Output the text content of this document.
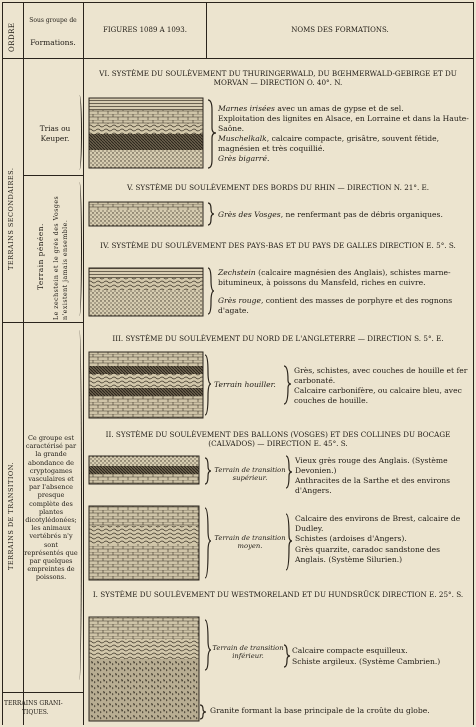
ORDRE
Sous groupe de
Formations.
FIGURES 1089 A 1093.	NOMS DES FORMATIONS.
TERRAINS SECONDAIRES.
TERRAINS DE TRANSITION.
TERRAINS GRANI-
TIQUES.
Trias ou Keuper.
Terrain pénéen. Le zechstein et le grès des Vosges n'existent jamais ensemble.
Ce groupe est caractérisé par la grande abondance de cryptogames vasculaires et par l'absence presque complète des plantes dicotylédonées; les animaux vertébrés n'y sont représentés que par quelques empreintes de poissons.
VI. SYSTÈME DU SOULÈVEMENT DU THURINGERWALD, DU BŒHMERWALD-GEBIRGE ET DU MORVAN — DIRECTION O. 40°. N.
Marnes irisées avec un amas de gypse et de sel.
Exploitation des lignites en Alsace, en Lorraine et dans la Haute-Saône.
Muschelkalk, calcaire compacte, grisâtre, souvent fétide, magnésien et très coquillié.
Grès bigarré.
V. SYSTÈME DU SOULÈVEMENT DES BORDS DU RHIN — DIRECTION N. 21°. E.
Grès des Vosges, ne renfermant pas de débris organiques.
IV. SYSTÈME DU SOULÈVEMENT DES PAYS-BAS ET DU PAYS DE GALLES DIRECTION E. 5°. S.
Zechstein (calcaire magnésien des Anglais), schistes marne-bitumineux, à poissons du Mansfeld, riches en cuivre.
Grès rouge, contient des masses de porphyre et des rognons d'agate.
III. SYSTÈME DU SOULÈVEMENT DU NORD DE L'ANGLETERRE — DIRECTION S. 5°. E.
Terrain houiller.
Grès, schistes, avec couches de houille et fer carbonaté.
Calcaire carbonifère, ou calcaire bleu, avec couches de houille.
II. SYSTÈME DU SOULÈVEMENT DES BALLONS (VOSGES) ET DES COLLINES DU BOCAGE (CALVADOS) — DIRECTION E. 45°. S.
Terrain de transition supérieur.
Vieux grès rouge des Anglais. (Système Devonien.)
Anthracites de la Sarthe et des environs d'Angers.
Terrain de transition moyen.
Calcaire des environs de Brest, calcaire de Dudley.
Schistes (ardoises d'Angers).
Grès quarzite, caradoc sandstone des Anglais. (Système Silurien.)
I. SYSTÈME DU SOULÈVEMENT DU WESTMORELAND ET DU HUNDSRÜCK DIRECTION E. 25°. S.
Terrain de transition inférieur.
Calcaire compacte esquilleux.
Schiste argileux. (Système Cambrien.)
Granite formant la base principale de la croûte du globe.
